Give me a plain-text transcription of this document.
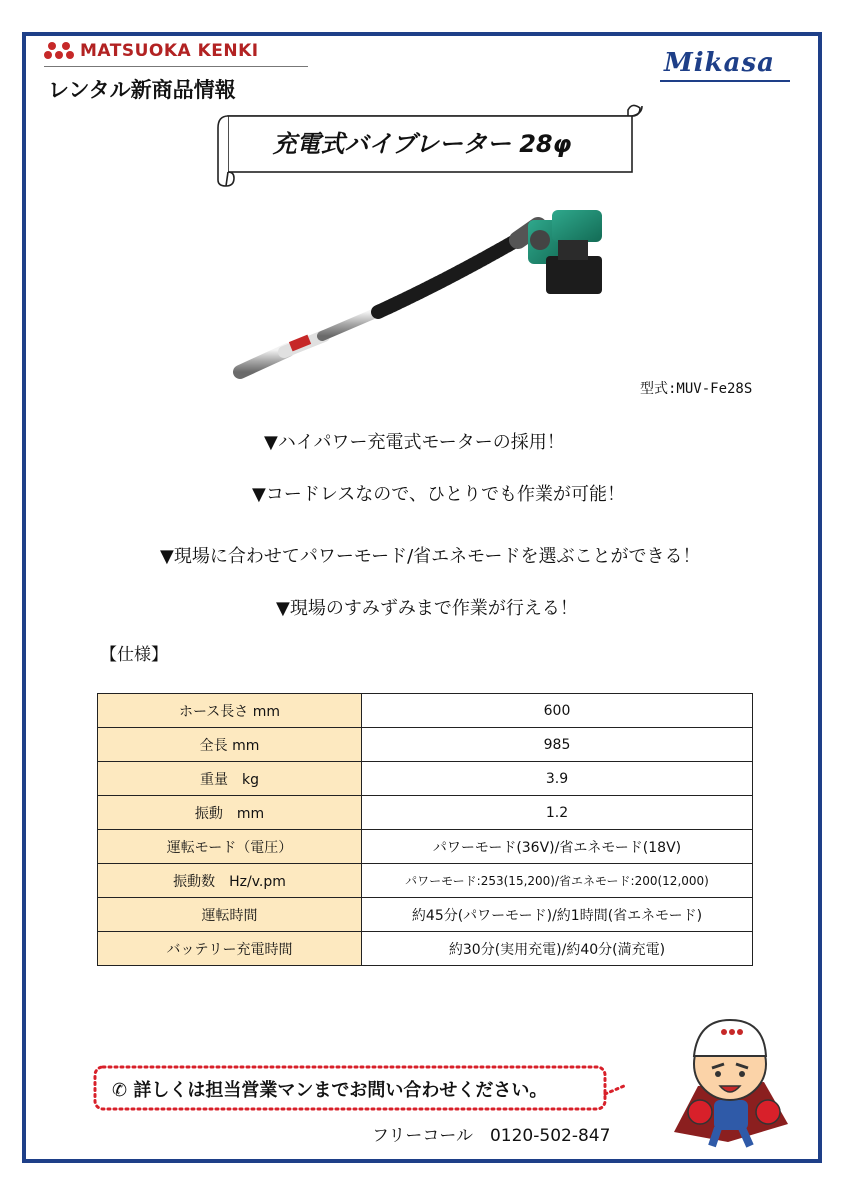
MATSUOKA KENKI
レンタル新商品情報
Mikasa
充電式バイブレーター 28φ
型式:MUV-Fe28S
▼ハイパワー充電式モーターの採用！
▼コードレスなので、ひとりでも作業が可能！
▼現場に合わせてパワーモード/省エネモードを選ぶことができる！
▼現場のすみずみまで作業が行える！
【仕様】
ホース長さ mm	600
全長 mm	985
重量　kg	3.9
振動　mm	1.2
運転モード（電圧）	パワーモード(36V)/省エネモード(18V)
振動数　Hz/v.pm	パワーモード:253(15,200)/省エネモード:200(12,000)
運転時間	約45分(パワーモード)/約1時間(省エネモード)
バッテリー充電時間	約30分(実用充電)/約40分(満充電)
✆ 詳しくは担当営業マンまでお問い合わせください。
フリーコール　0120-502-847
